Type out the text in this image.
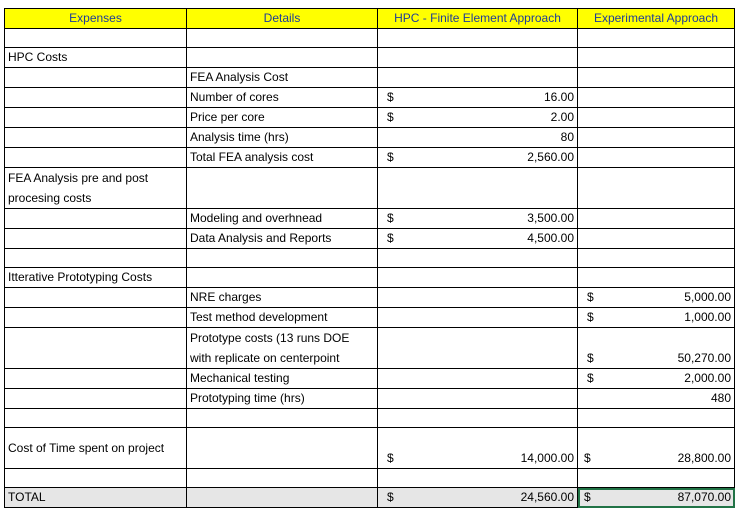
Expenses	Details	HPC - Finite Element Approach	Experimental Approach

HPC Costs			
	FEA Analysis Cost		
	Number of cores	$ 16.00	

	Price per core	$ 2.00	

	Analysis time (hrs)	80	
	Total FEA analysis cost	$ 2,560.00	

FEA Analysis pre and post procesing costs			
	Modeling and overhnead	$ 3,500.00	

	Data Analysis and Reports	$ 4,500.00	

Itterative Prototyping Costs			
	NRE charges		$ 5,000.00

	Test method development		$ 1,000.00

	Prototype costs (13 runs DOE with replicate on centerpoint		$ 50,270.00

	Mechanical testing		$ 2,000.00

	Prototyping time (hrs)		480

Cost of Time spent on project		$ 14,000.00	$ 28,800.00

TOTAL		$ 24,560.00	$ 87,070.00
